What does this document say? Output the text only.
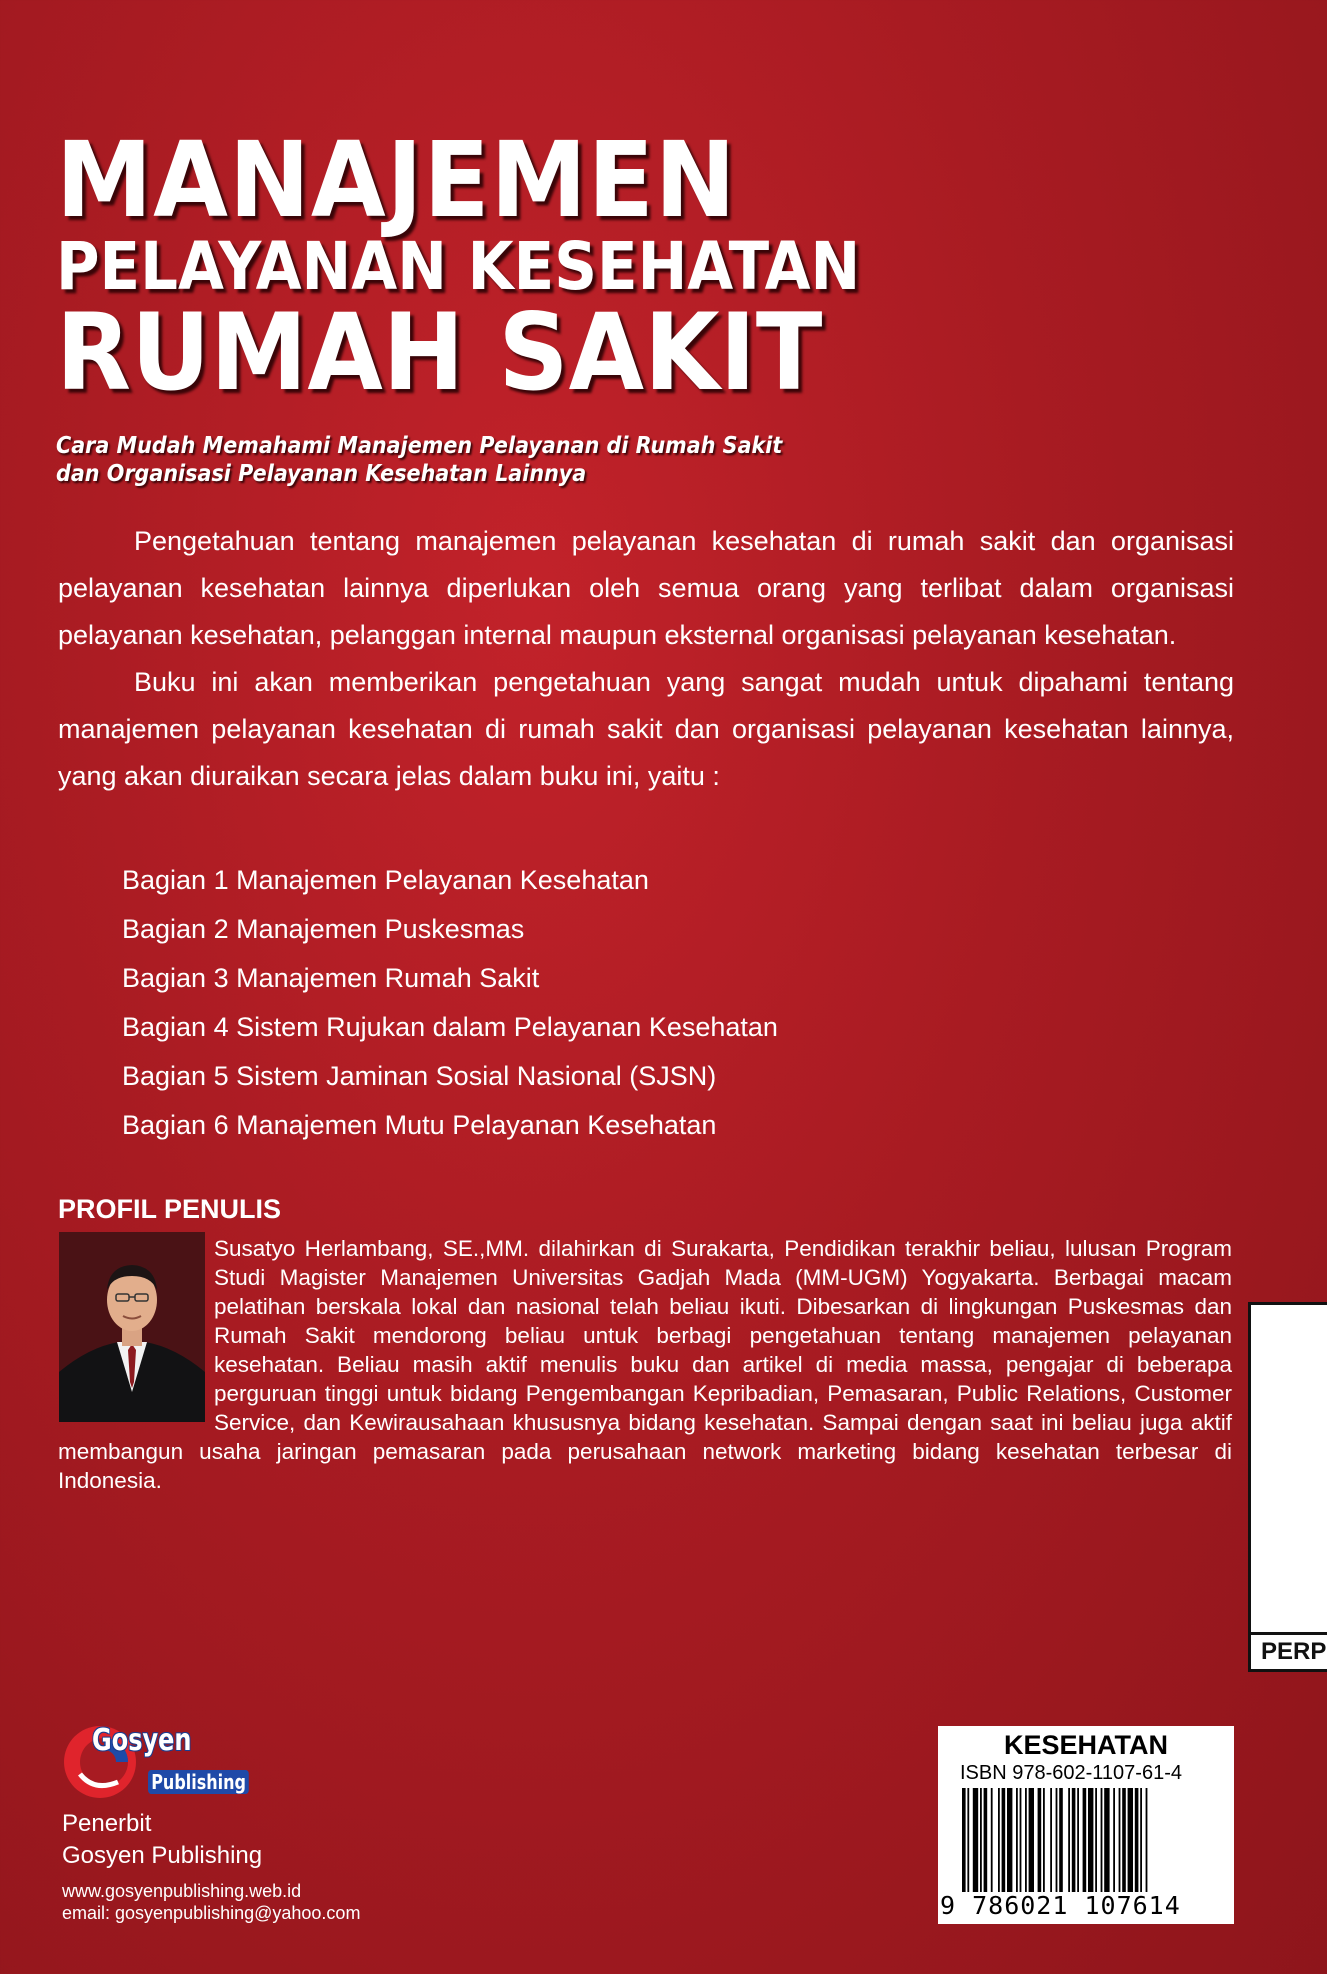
MANAJEMEN
PELAYANAN KESEHATAN
RUMAH SAKIT
Cara Mudah Memahami Manajemen Pelayanan di Rumah Sakit
dan Organisasi Pelayanan Kesehatan Lainnya

Pengetahuan tentang manajemen pelayanan kesehatan di rumah sakit dan organisasi pelayanan kesehatan lainnya diperlukan oleh semua orang yang terlibat dalam organisasi pelayanan kesehatan, pelanggan internal maupun eksternal organisasi pelayanan kesehatan.

Buku ini akan memberikan pengetahuan yang sangat mudah untuk dipahami tentang manajemen pelayanan kesehatan di rumah sakit dan organisasi pelayanan kesehatan lainnya, yang akan diuraikan secara jelas dalam buku ini, yaitu :

Bagian 1 Manajemen Pelayanan Kesehatan
Bagian 2 Manajemen Puskesmas
Bagian 3 Manajemen Rumah Sakit
Bagian 4 Sistem Rujukan dalam Pelayanan Kesehatan
Bagian 5 Sistem Jaminan Sosial Nasional (SJSN)
Bagian 6 Manajemen Mutu Pelayanan Kesehatan
PROFIL PENULIS
Susatyo Herlambang, SE.,MM. dilahirkan di Surakarta, Pendidikan terakhir beliau, lulusan Program Studi Magister Manajemen Universitas Gadjah Mada (MM-UGM) Yogyakarta. Berbagai macam pelatihan berskala lokal dan nasional telah beliau ikuti. Dibesarkan di lingkungan Puskesmas dan Rumah Sakit mendorong beliau untuk berbagi pengetahuan tentang manajemen pelayanan kesehatan. Beliau masih aktif menulis buku dan artikel di media massa, pengajar di beberapa perguruan tinggi untuk bidang Pengembangan Kepribadian, Pemasaran, Public Relations, Customer Service, dan Kewirausahaan khususnya bidang kesehatan. Sampai dengan saat ini beliau juga aktif membangun usaha jaringan pemasaran pada perusahaan network marketing bidang kesehatan terbesar di Indonesia.
PERP
Gosyen
Publishing
Penerbit
Gosyen Publishing
www.gosyenpublishing.web.id
email: gosyenpublishing@yahoo.com
KESEHATAN
ISBN 978-602-1107-61-4
9 786021 107614
